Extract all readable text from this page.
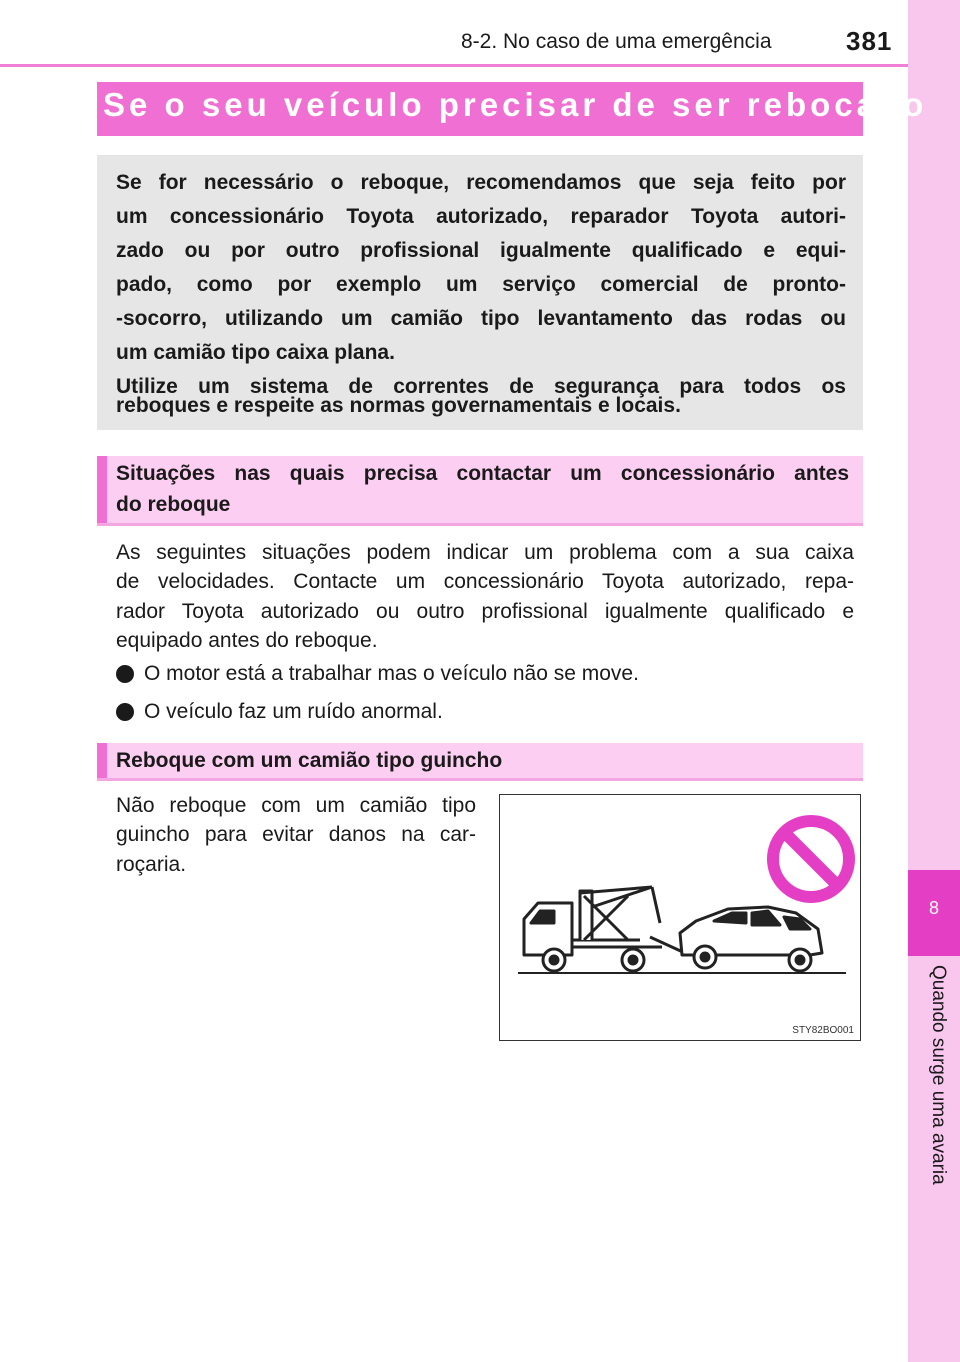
8-2. No caso de uma emergência	381
8
Quando surge uma avaria
Se o seu veículo precisar de ser rebocado
Se for necessário o reboque, recomendamos que seja feito por
um concessionário Toyota autorizado, reparador Toyota autori-
zado ou por outro profissional igualmente qualificado e equi-
pado, como por exemplo um serviço comercial de pronto-
-socorro, utilizando um camião tipo levantamento das rodas ou
um camião tipo caixa plana.
Utilize um sistema de correntes de segurança para todos os
reboques e respeite as normas governamentais e locais.
Situações nas quais precisa contactar um concessionário antes
do reboque
As seguintes situações podem indicar um problema com a sua caixa
de velocidades. Contacte um concessionário Toyota autorizado, repa-
rador Toyota autorizado ou outro profissional igualmente qualificado e
equipado antes do reboque.
O motor está a trabalhar mas o veículo não se move.
O veículo faz um ruído anormal.
Reboque com um camião tipo guincho
Não reboque com um camião tipo
guincho para evitar danos na car-
roçaria.
STY82BO001
